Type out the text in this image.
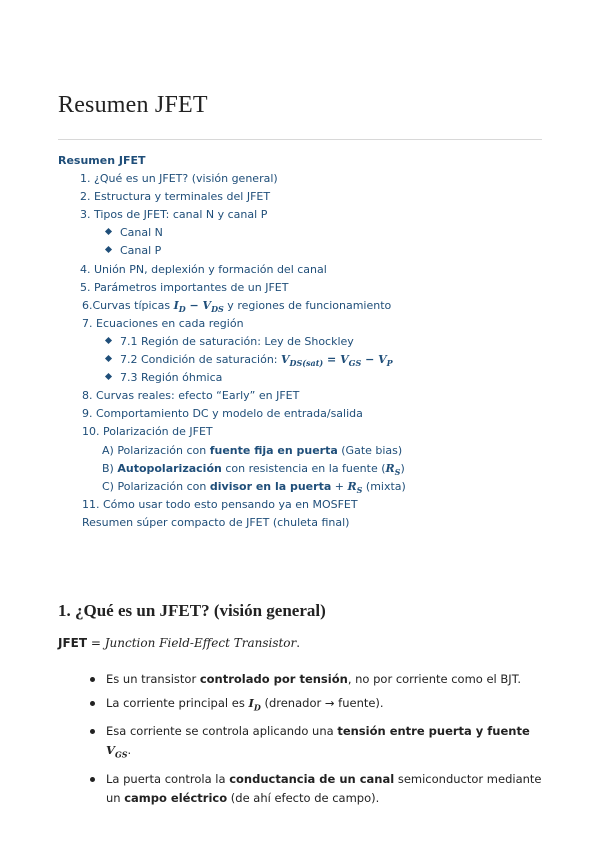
Resumen JFET
Resumen JFET
1. ¿Qué es un JFET? (visión general)
2. Estructura y terminales del JFET
3. Tipos de JFET: canal N y canal P
Canal N
Canal P
4. Unión PN, deplexión y formación del canal
5. Parámetros importantes de un JFET
6.Curvas típicas $I_D - V_{DS}$ y regiones de funcionamiento
7. Ecuaciones en cada región
7.1 Región de saturación: Ley de Shockley
7.2 Condición de saturación: $V_{DS(sat)} = V_{GS} - V_P$
7.3 Región óhmica
8. Curvas reales: efecto “Early” en JFET
9. Comportamiento DC y modelo de entrada/salida
10. Polarización de JFET
A) Polarización con fuente fija en puerta (Gate bias)
B) Autopolarización con resistencia en la fuente $(R_S)$
C) Polarización con divisor en la puerta + $R_S$ (mixta)
11. Cómo usar todo esto pensando ya en MOSFET
Resumen súper compacto de JFET (chuleta final)
1. ¿Qué es un JFET? (visión general)
JFET = Junction Field-Effect Transistor.
Es un transistor controlado por tensión, no por corriente como el BJT.
La corriente principal es $I_D$ (drenador → fuente).
Esa corriente se controla aplicando una tensión entre puerta y fuente $V_{GS}$.
La puerta controla la conductancia de un canal semiconductor mediante un campo eléctrico (de ahí efecto de campo).
